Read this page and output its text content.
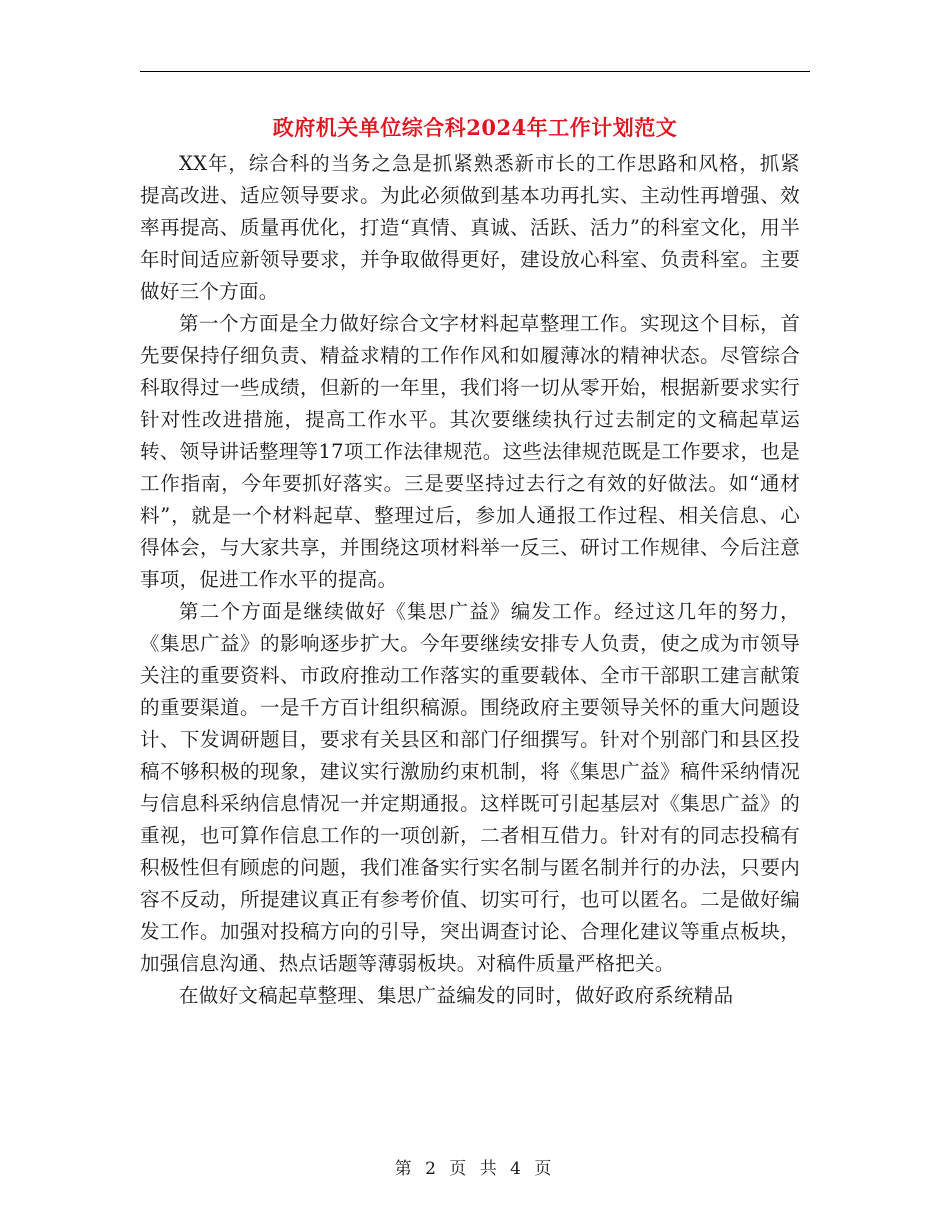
政府机关单位综合科2024年工作计划范文

XX年，综合科的当务之急是抓紧熟悉新市长的工作思路和风格，抓紧提高改进、适应领导要求。为此必须做到基本功再扎实、主动性再增强、效率再提高、质量再优化，打造“真情、真诚、活跃、活力”的科室文化，用半年时间适应新领导要求，并争取做得更好，建设放心科室、负责科室。主要做好三个方面。

第一个方面是全力做好综合文字材料起草整理工作。实现这个目标，首先要保持仔细负责、精益求精的工作作风和如履薄冰的精神状态。尽管综合科取得过一些成绩，但新的一年里，我们将一切从零开始，根据新要求实行针对性改进措施，提高工作水平。其次要继续执行过去制定的文稿起草运转、领导讲话整理等17项工作法律规范。这些法律规范既是工作要求，也是工作指南，今年要抓好落实。三是要坚持过去行之有效的好做法。如“通材料”，就是一个材料起草、整理过后，参加人通报工作过程、相关信息、心得体会，与大家共享，并围绕这项材料举一反三、研讨工作规律、今后注意事项，促进工作水平的提高。

第二个方面是继续做好《集思广益》编发工作。经过这几年的努力，《集思广益》的影响逐步扩大。今年要继续安排专人负责，使之成为市领导关注的重要资料、市政府推动工作落实的重要载体、全市干部职工建言献策的重要渠道。一是千方百计组织稿源。围绕政府主要领导关怀的重大问题设计、下发调研题目，要求有关县区和部门仔细撰写。针对个别部门和县区投稿不够积极的现象，建议实行激励约束机制，将《集思广益》稿件采纳情况与信息科采纳信息情况一并定期通报。这样既可引起基层对《集思广益》的重视，也可算作信息工作的一项创新，二者相互借力。针对有的同志投稿有积极性但有顾虑的问题，我们准备实行实名制与匿名制并行的办法，只要内容不反动，所提建议真正有参考价值、切实可行，也可以匿名。二是做好编发工作。加强对投稿方向的引导，突出调查讨论、合理化建议等重点板块，加强信息沟通、热点话题等薄弱板块。对稿件质量严格把关。

在做好文稿起草整理、集思广益编发的同时，做好政府系统精品

第 2 页 共 4 页
